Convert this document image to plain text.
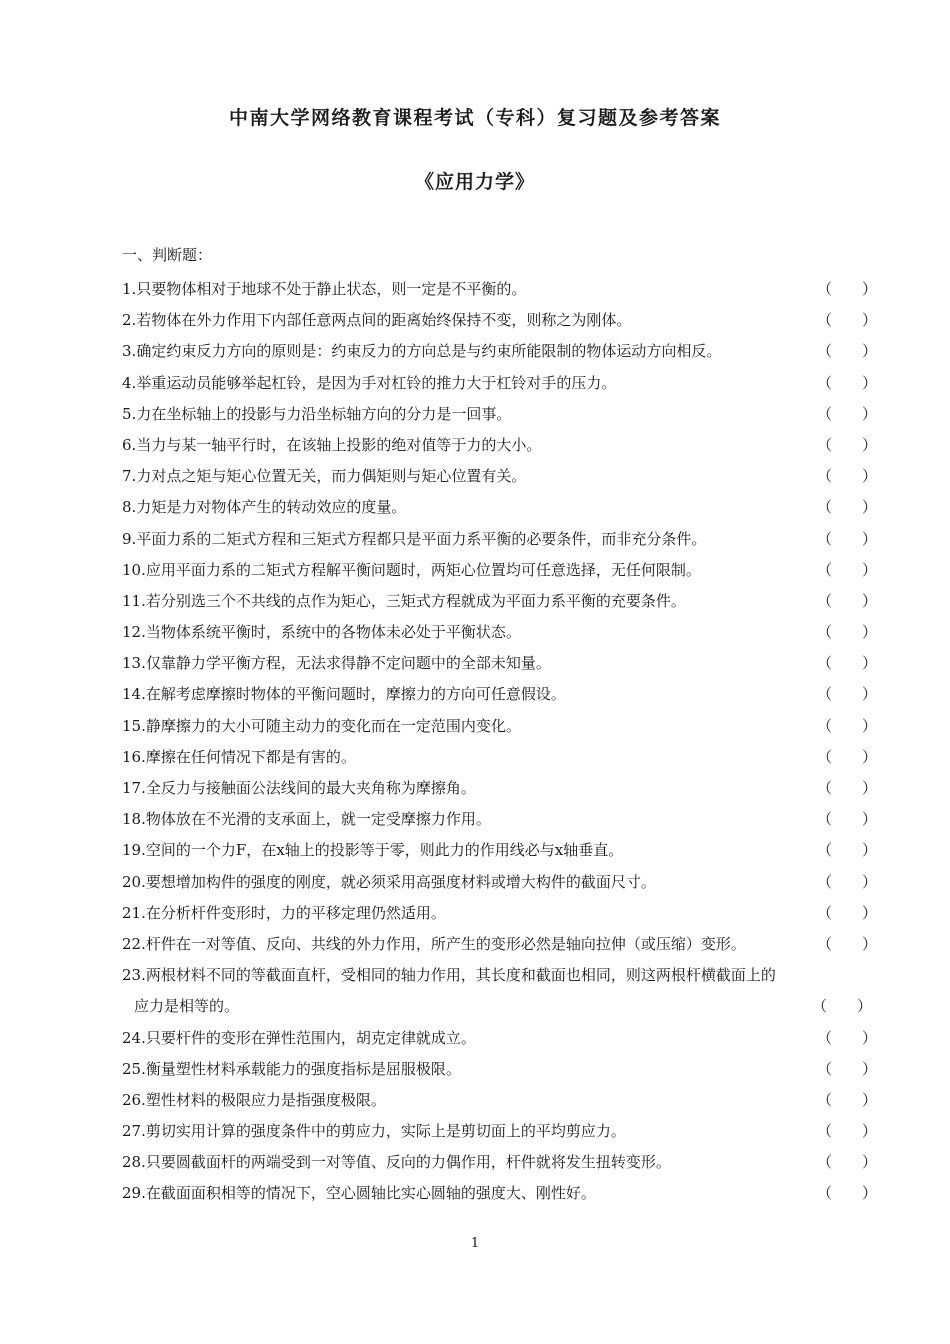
中南大学网络教育课程考试（专科）复习题及参考答案
《应用力学》
一、判断题：
1. 只要物体相对于地球不处于静止状态，则一定是不平衡的。	（　　）
2. 若物体在外力作用下内部任意两点间的距离始终保持不变，则称之为刚体。	（　　）
3. 确定约束反力方向的原则是：约束反力的方向总是与约束所能限制的物体运动方向相反。	（　　）
4. 举重运动员能够举起杠铃，是因为手对杠铃的推力大于杠铃对手的压力。	（　　）
5. 力在坐标轴上的投影与力沿坐标轴方向的分力是一回事。	（　　）
6. 当力与某一轴平行时，在该轴上投影的绝对值等于力的大小。	（　　）
7. 力对点之矩与矩心位置无关，而力偶矩则与矩心位置有关。	（　　）
8. 力矩是力对物体产生的转动效应的度量。	（　　）
9. 平面力系的二矩式方程和三矩式方程都只是平面力系平衡的必要条件，而非充分条件。	（　　）
10. 应用平面力系的二矩式方程解平衡问题时，两矩心位置均可任意选择，无任何限制。	（　　）
11. 若分别选三个不共线的点作为矩心，三矩式方程就成为平面力系平衡的充要条件。	（　　）
12. 当物体系统平衡时，系统中的各物体未必处于平衡状态。	（　　）
13. 仅靠静力学平衡方程，无法求得静不定问题中的全部未知量。	（　　）
14. 在解考虑摩擦时物体的平衡问题时，摩擦力的方向可任意假设。	（　　）
15. 静摩擦力的大小可随主动力的变化而在一定范围内变化。	（　　）
16. 摩擦在任何情况下都是有害的。	（　　）
17. 全反力与接触面公法线间的最大夹角称为摩擦角。	（　　）
18. 物体放在不光滑的支承面上，就一定受摩擦力作用。	（　　）
19. 空间的一个力F，在x轴上的投影等于零，则此力的作用线必与x轴垂直。	（　　）
20. 要想增加构件的强度的刚度，就必须采用高强度材料或增大构件的截面尺寸。	（　　）
21. 在分析杆件变形时，力的平移定理仍然适用。	（　　）
22. 杆件在一对等值、反向、共线的外力作用，所产生的变形必然是轴向拉伸（或压缩）变形。	（　　）
23. 两根材料不同的等截面直杆，受相同的轴力作用，其长度和截面也相同，则这两根杆横截面上的
应力是相等的。	（　　）
24. 只要杆件的变形在弹性范围内，胡克定律就成立。	（　　）
25. 衡量塑性材料承载能力的强度指标是屈服极限。	（　　）
26. 塑性材料的极限应力是指强度极限。	（　　）
27. 剪切实用计算的强度条件中的剪应力，实际上是剪切面上的平均剪应力。	（　　）
28. 只要圆截面杆的两端受到一对等值、反向的力偶作用，杆件就将发生扭转变形。	（　　）
29. 在截面面积相等的情况下，空心圆轴比实心圆轴的强度大、刚性好。	（　　）
1
